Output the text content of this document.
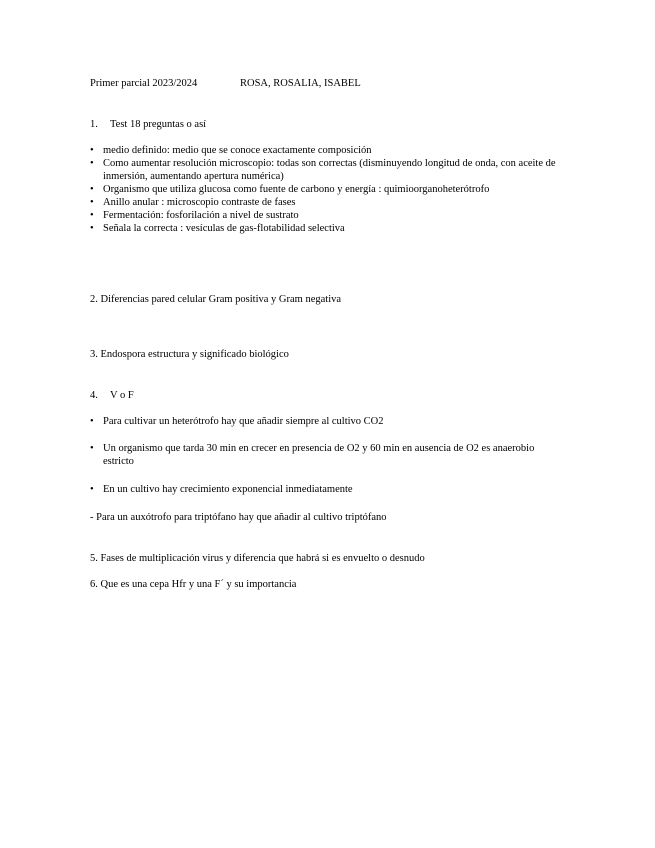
Primer parcial 2023/2024	ROSA, ROSALIA, ISABEL
1. Test 18 preguntas o así
• medio definido: medio que se conoce exactamente composición
• Como aumentar resolución microscopio: todas son correctas (disminuyendo longitud de onda, con aceite de inmersión, aumentando apertura numérica)
• Organismo que utiliza glucosa como fuente de carbono y energía : quimioorganoheterótrofo
• Anillo anular : microscopio contraste de fases
• Fermentación: fosforilación a nivel de sustrato
• Señala la correcta : vesículas de gas-flotabilidad selectiva
2. Diferencias pared celular Gram positiva y Gram negativa
3. Endospora estructura y significado biológico
4. V o F
• Para cultivar un heterótrofo hay que añadir siempre al cultivo CO2
• Un organismo que tarda 30 min en crecer en presencia de O2 y 60 min en ausencia de O2 es anaerobio estricto
• En un cultivo hay crecimiento exponencial inmediatamente
- Para un auxótrofo para triptófano hay que añadir al cultivo triptófano
5. Fases de multiplicación virus y diferencia que habrá si es envuelto o desnudo
6. Que es una cepa Hfr y una F´ y su importancia
